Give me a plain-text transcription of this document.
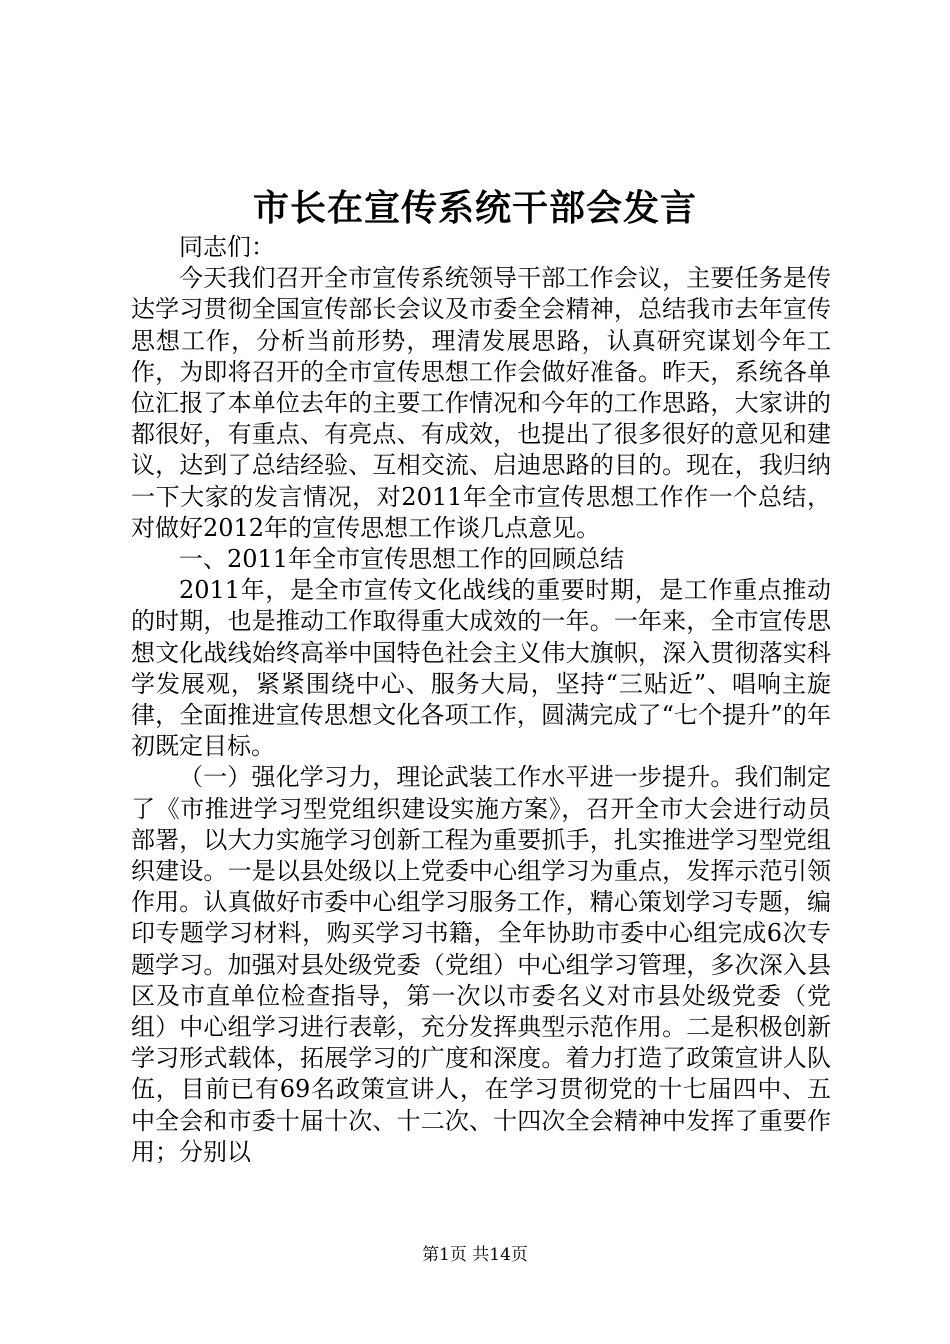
市长在宣传系统干部会发言

同志们：

今天我们召开全市宣传系统领导干部工作会议，主要任务是传达学习贯彻全国宣传部长会议及市委全会精神，总结我市去年宣传思想工作，分析当前形势，理清发展思路，认真研究谋划今年工作，为即将召开的全市宣传思想工作会做好准备。昨天，系统各单位汇报了本单位去年的主要工作情况和今年的工作思路，大家讲的都很好，有重点、有亮点、有成效，也提出了很多很好的意见和建议，达到了总结经验、互相交流、启迪思路的目的。现在，我归纳一下大家的发言情况，对2011年全市宣传思想工作作一个总结，对做好2012年的宣传思想工作谈几点意见。

一、2011年全市宣传思想工作的回顾总结

2011年，是全市宣传文化战线的重要时期，是工作重点推动的时期，也是推动工作取得重大成效的一年。一年来，全市宣传思想文化战线始终高举中国特色社会主义伟大旗帜，深入贯彻落实科学发展观，紧紧围绕中心、服务大局，坚持“三贴近”、唱响主旋律，全面推进宣传思想文化各项工作，圆满完成了“七个提升”的年初既定目标。

（一）强化学习力，理论武装工作水平进一步提升。我们制定了《市推进学习型党组织建设实施方案》，召开全市大会进行动员部署，以大力实施学习创新工程为重要抓手，扎实推进学习型党组织建设。一是以县处级以上党委中心组学习为重点，发挥示范引领作用。认真做好市委中心组学习服务工作，精心策划学习专题，编印专题学习材料，购买学习书籍，全年协助市委中心组完成6次专题学习。加强对县处级党委（党组）中心组学习管理，多次深入县区及市直单位检查指导，第一次以市委名义对市县处级党委（党组）中心组学习进行表彰，充分发挥典型示范作用。二是积极创新学习形式载体，拓展学习的广度和深度。着力打造了政策宣讲人队伍，目前已有69名政策宣讲人，在学习贯彻党的十七届四中、五中全会和市委十届十次、十二次、十四次全会精神中发挥了重要作用；分别以

第1页 共14页
